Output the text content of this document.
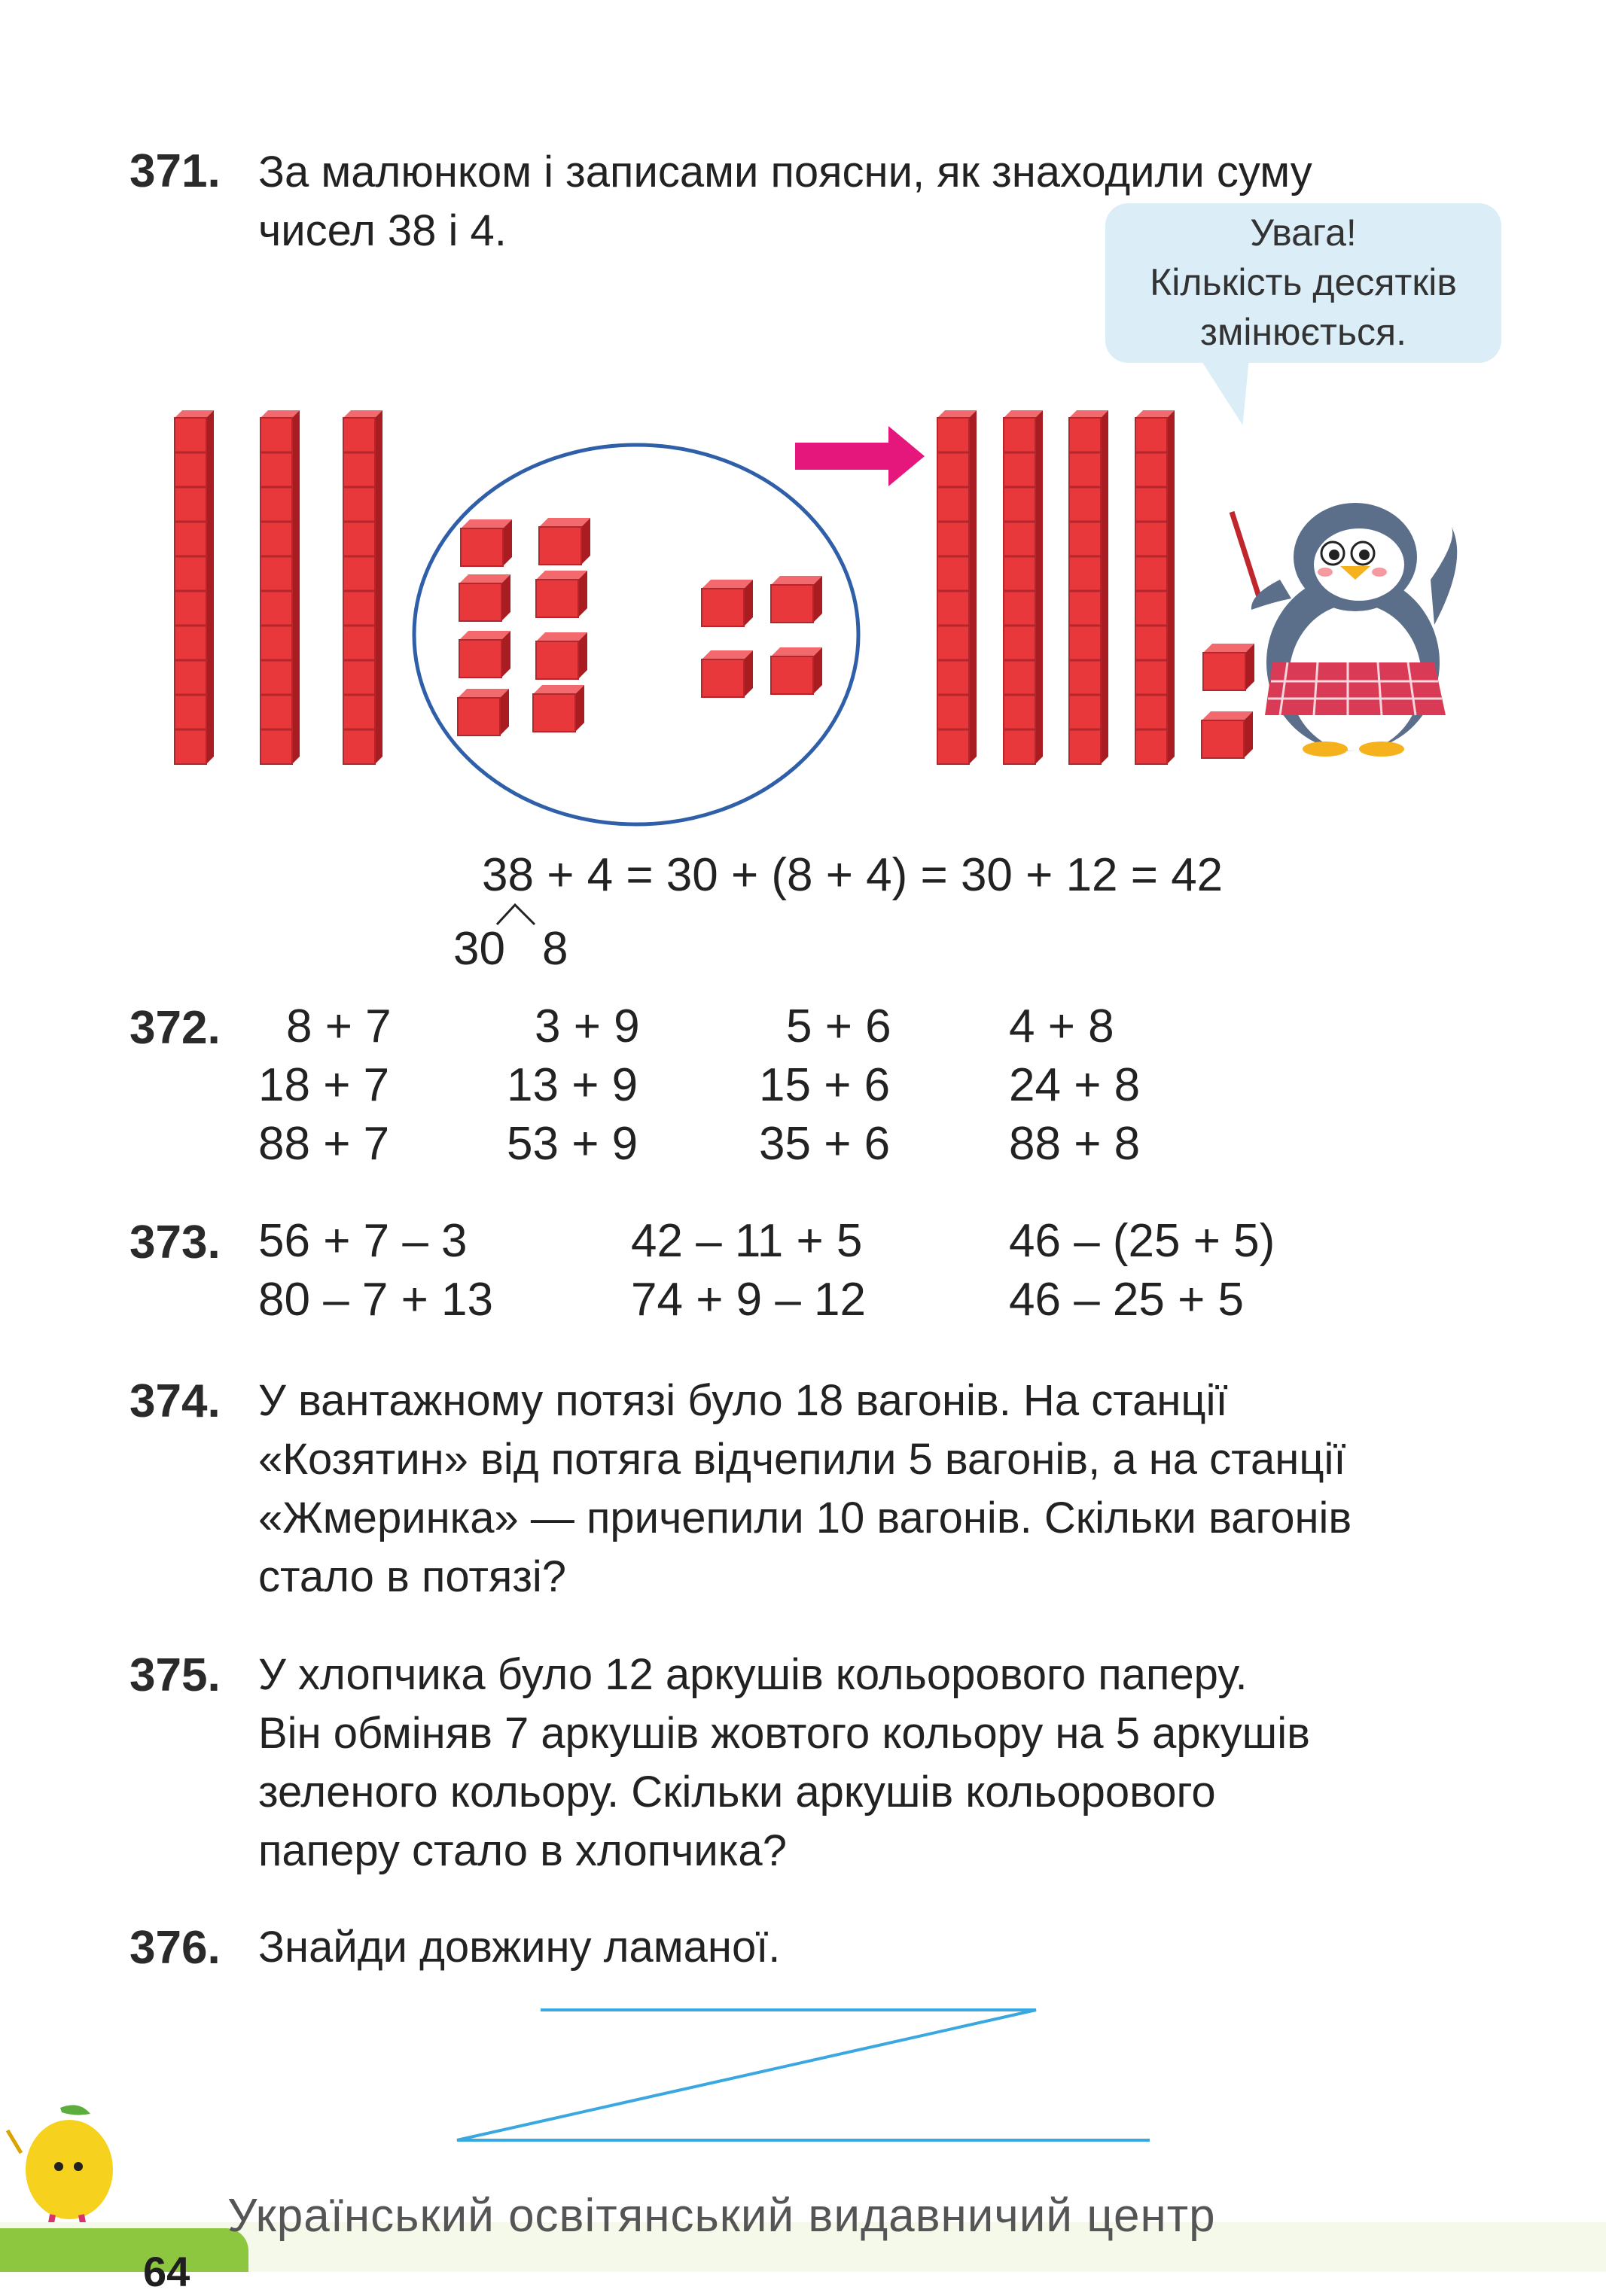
371. За малюнком і записами поясни, як знаходили суму
чисел 38 і 4.	Увага!
Кількість десятків
змінюється.
38 + 4 = 30 + (8 + 4) = 30 + 12 = 42
30 8
372. 8 + 7
18 + 7
88 + 7
3 + 9
13 + 9
53 + 9
5 + 6
15 + 6
35 + 6
4 + 8
24 + 8
88 + 8
373. 56 + 7 – 3
80 – 7 + 13
42 – 11 + 5
74 + 9 – 12
46 – (25 + 5)
46 – 25 + 5
374. У вантажному потязі було 18 вагонів. На станції
«Козятин» від потяга відчепили 5 вагонів, а на станції
«Жмеринка» — причепили 10 вагонів. Скільки вагонів
стало в потязі?
375. У хлопчика було 12 аркушів кольорового паперу.
Він обміняв 7 аркушів жовтого кольору на 5 аркушів
зеленого кольору. Скільки аркушів кольорового
паперу стало в хлопчика?
376. Знайди довжину ламаної.
64
Український освітянський видавничий центр
